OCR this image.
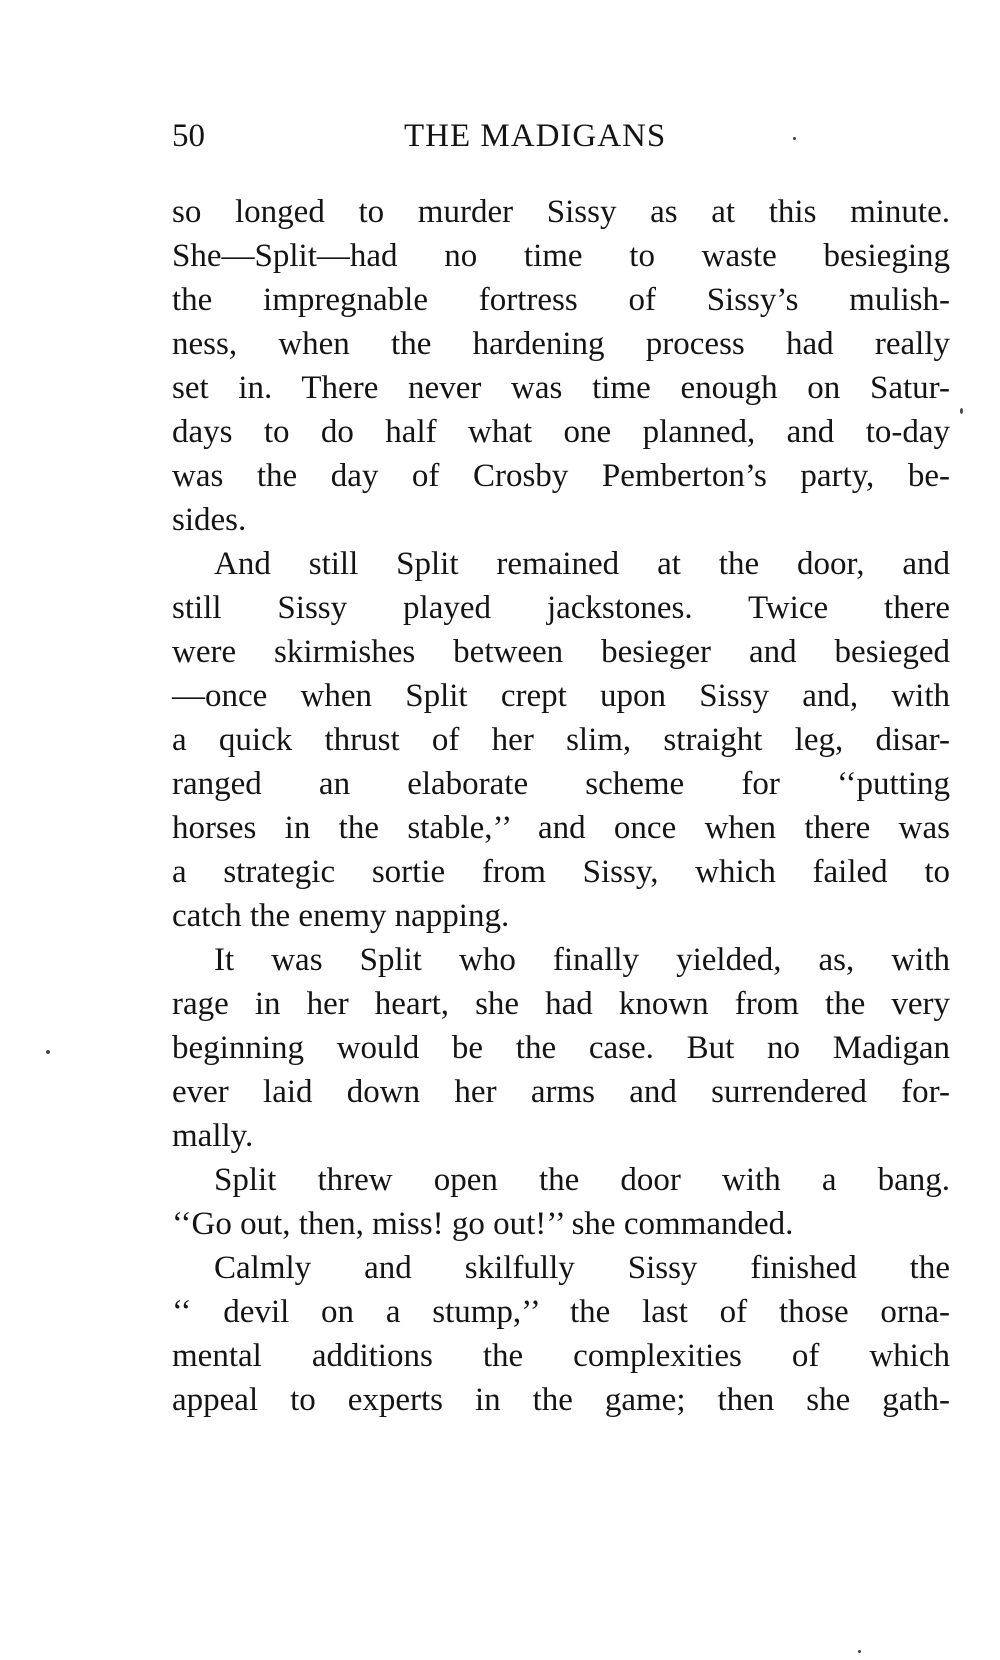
50	THE MADIGANS
so longed to murder Sissy as at this minute.
She—Split—had no time to waste besieging
the impregnable fortress of Sissy’s mulish-
ness, when the hardening process had really
set in. There never was time enough on Satur-
days to do half what one planned, and to-day
was the day of Crosby Pemberton’s party, be-
sides.
And still Split remained at the door, and
still Sissy played jackstones. Twice there
were skirmishes between besieger and besieged
—once when Split crept upon Sissy and, with
a quick thrust of her slim, straight leg, disar-
ranged an elaborate scheme for ‘‘putting
horses in the stable,’’ and once when there was
a strategic sortie from Sissy, which failed to
catch the enemy napping.
It was Split who finally yielded, as, with
rage in her heart, she had known from the very
beginning would be the case. But no Madigan
ever laid down her arms and surrendered for-
mally.
Split threw open the door with a bang.
‘‘Go out, then, miss! go out!’’ she commanded.
Calmly and skilfully Sissy finished the
‘‘ devil on a stump,’’ the last of those orna-
mental additions the complexities of which
appeal to experts in the game; then she gath-
